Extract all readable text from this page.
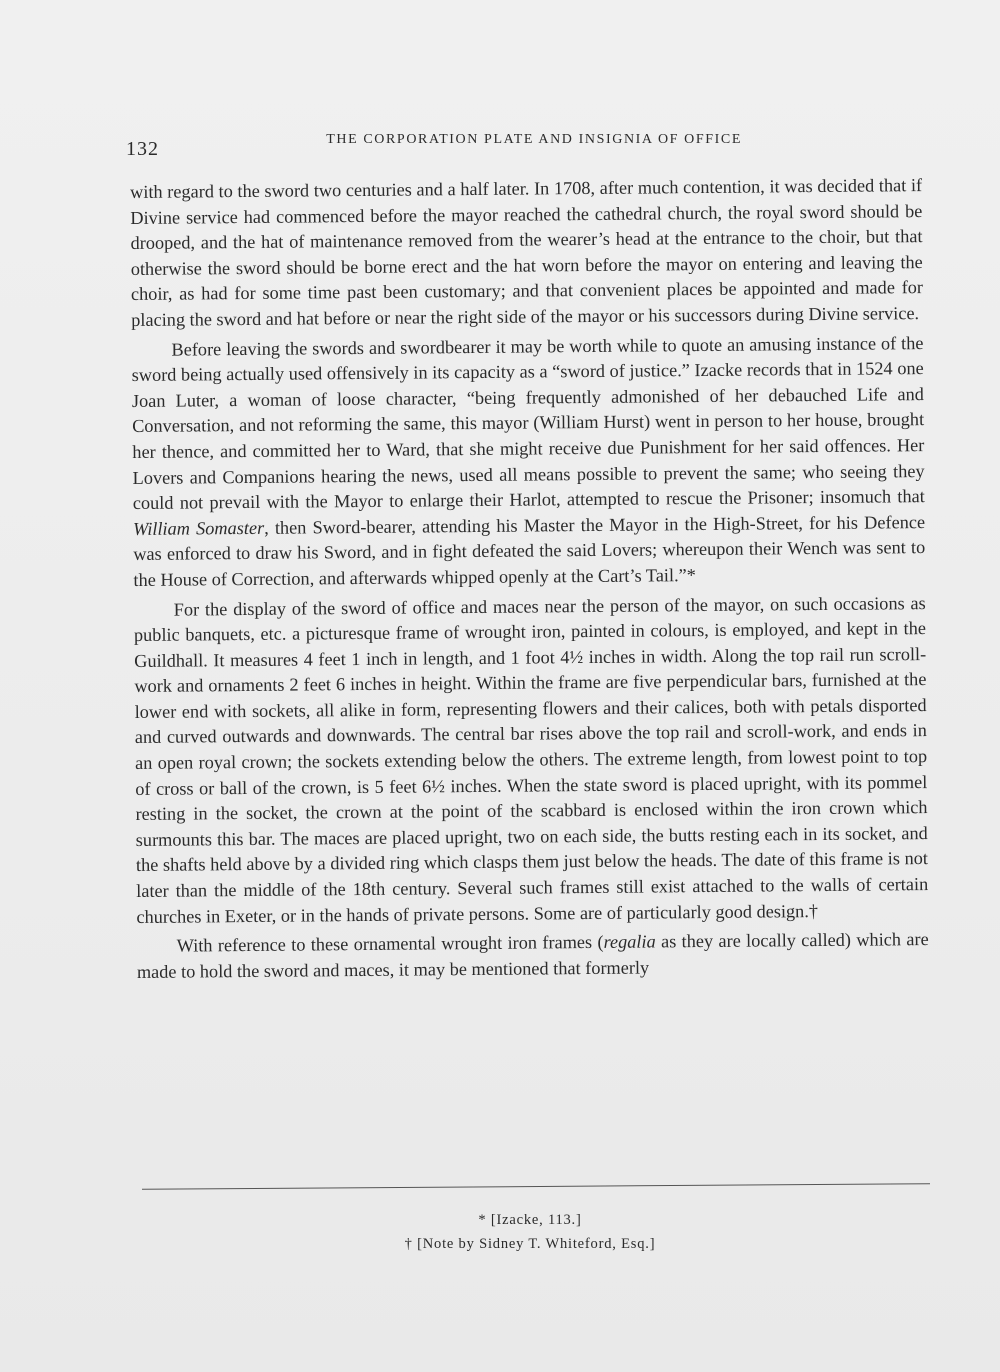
132	THE CORPORATION PLATE AND INSIGNIA OF OFFICE

with regard to the sword two centuries and a half later. In 1708, after much contention, it was decided that if Divine service had commenced before the mayor reached the cathedral church, the royal sword should be drooped, and the hat of maintenance removed from the wearer’s head at the entrance to the choir, but that otherwise the sword should be borne erect and the hat worn before the mayor on entering and leaving the choir, as had for some time past been customary; and that convenient places be appointed and made for placing the sword and hat before or near the right side of the mayor or his successors during Divine service.

Before leaving the swords and swordbearer it may be worth while to quote an amusing instance of the sword being actually used offensively in its capacity as a “sword of justice.” Izacke records that in 1524 one Joan Luter, a woman of loose character, “being frequently admonished of her debauched Life and Conversation, and not reforming the same, this mayor (William Hurst) went in person to her house, brought her thence, and committed her to Ward, that she might receive due Punishment for her said offences. Her Lovers and Companions hearing the news, used all means possible to prevent the same; who seeing they could not prevail with the Mayor to enlarge their Harlot, attempted to rescue the Prisoner; insomuch that William Somaster, then Sword-bearer, attending his Master the Mayor in the High-Street, for his Defence was enforced to draw his Sword, and in fight defeated the said Lovers; whereupon their Wench was sent to the House of Correction, and afterwards whipped openly at the Cart’s Tail.”*

For the display of the sword of office and maces near the person of the mayor, on such occasions as public banquets, etc. a picturesque frame of wrought iron, painted in colours, is employed, and kept in the Guildhall. It measures 4 feet 1 inch in length, and 1 foot 4½ inches in width. Along the top rail run scroll-work and ornaments 2 feet 6 inches in height. Within the frame are five perpendicular bars, furnished at the lower end with sockets, all alike in form, representing flowers and their calices, both with petals disported and curved outwards and downwards. The central bar rises above the top rail and scroll-work, and ends in an open royal crown; the sockets extending below the others. The extreme length, from lowest point to top of cross or ball of the crown, is 5 feet 6½ inches. When the state sword is placed upright, with its pommel resting in the socket, the crown at the point of the scabbard is enclosed within the iron crown which surmounts this bar. The maces are placed upright, two on each side, the butts resting each in its socket, and the shafts held above by a divided ring which clasps them just below the heads. The date of this frame is not later than the middle of the 18th century. Several such frames still exist attached to the walls of certain churches in Exeter, or in the hands of private persons. Some are of particularly good design.†

With reference to these ornamental wrought iron frames (regalia as they are locally called) which are made to hold the sword and maces, it may be mentioned that formerly

* [Izacke, 113.]
† [Note by Sidney T. Whiteford, Esq.]
